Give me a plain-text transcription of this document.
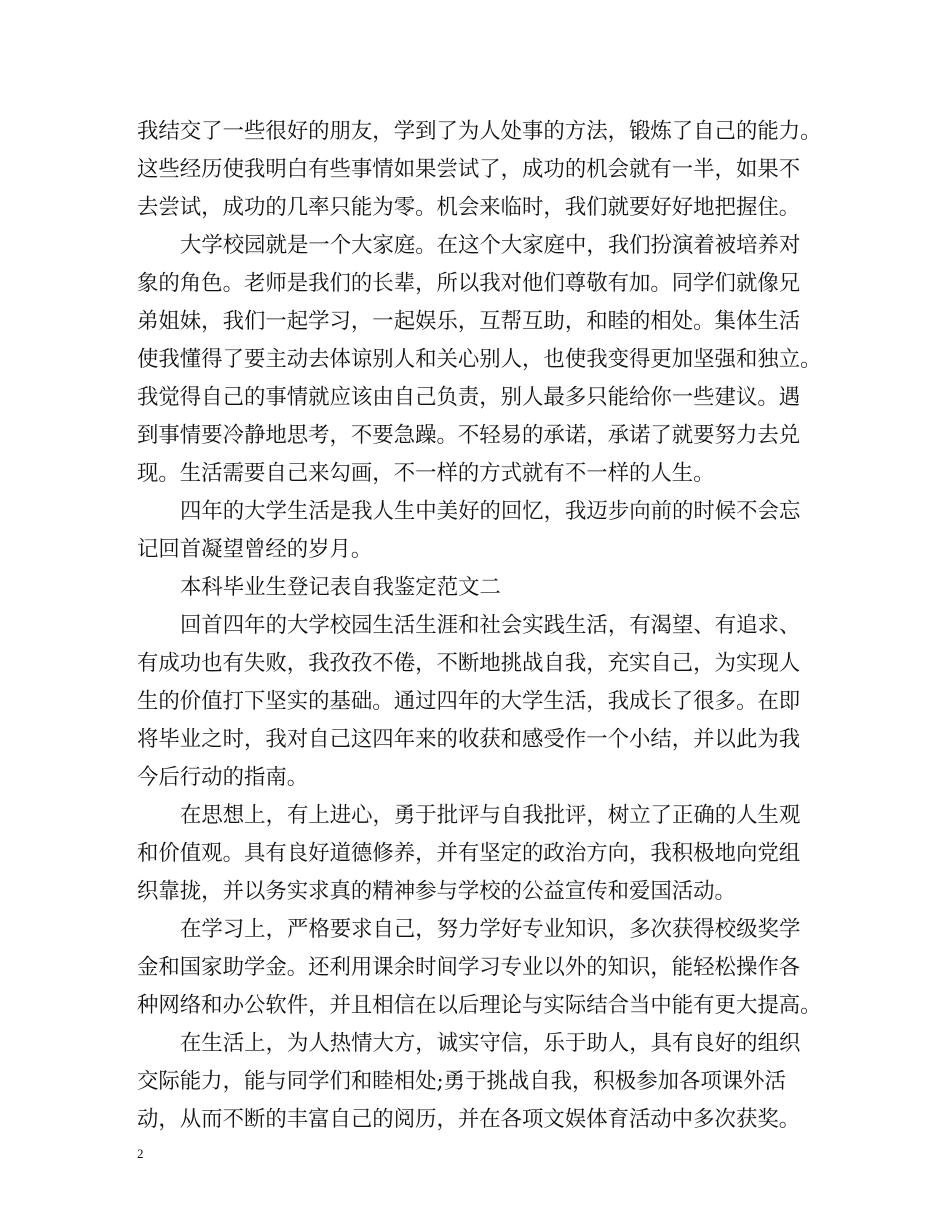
我结交了一些很好的朋友，学到了为人处事的方法，锻炼了自己的能力。
这些经历使我明白有些事情如果尝试了，成功的机会就有一半，如果不
去尝试，成功的几率只能为零。机会来临时，我们就要好好地把握住。
大学校园就是一个大家庭。在这个大家庭中，我们扮演着被培养对
象的角色。老师是我们的长辈，所以我对他们尊敬有加。同学们就像兄
弟姐妹，我们一起学习，一起娱乐，互帮互助，和睦的相处。集体生活
使我懂得了要主动去体谅别人和关心别人，也使我变得更加坚强和独立。
我觉得自己的事情就应该由自己负责，别人最多只能给你一些建议。遇
到事情要冷静地思考，不要急躁。不轻易的承诺，承诺了就要努力去兑
现。生活需要自己来勾画，不一样的方式就有不一样的人生。
四年的大学生活是我人生中美好的回忆，我迈步向前的时候不会忘
记回首凝望曾经的岁月。
本科毕业生登记表自我鉴定范文二
回首四年的大学校园生活生涯和社会实践生活，有渴望、有追求、
有成功也有失败，我孜孜不倦，不断地挑战自我，充实自己，为实现人
生的价值打下坚实的基础。通过四年的大学生活，我成长了很多。在即
将毕业之时，我对自己这四年来的收获和感受作一个小结，并以此为我
今后行动的指南。
在思想上，有上进心，勇于批评与自我批评，树立了正确的人生观
和价值观。具有良好道德修养，并有坚定的政治方向，我积极地向党组
织靠拢，并以务实求真的精神参与学校的公益宣传和爱国活动。
在学习上，严格要求自己，努力学好专业知识，多次获得校级奖学
金和国家助学金。还利用课余时间学习专业以外的知识，能轻松操作各
种网络和办公软件，并且相信在以后理论与实际结合当中能有更大提高。
在生活上，为人热情大方，诚实守信，乐于助人，具有良好的组织
交际能力，能与同学们和睦相处;勇于挑战自我，积极参加各项课外活
动，从而不断的丰富自己的阅历，并在各项文娱体育活动中多次获奖。
2
